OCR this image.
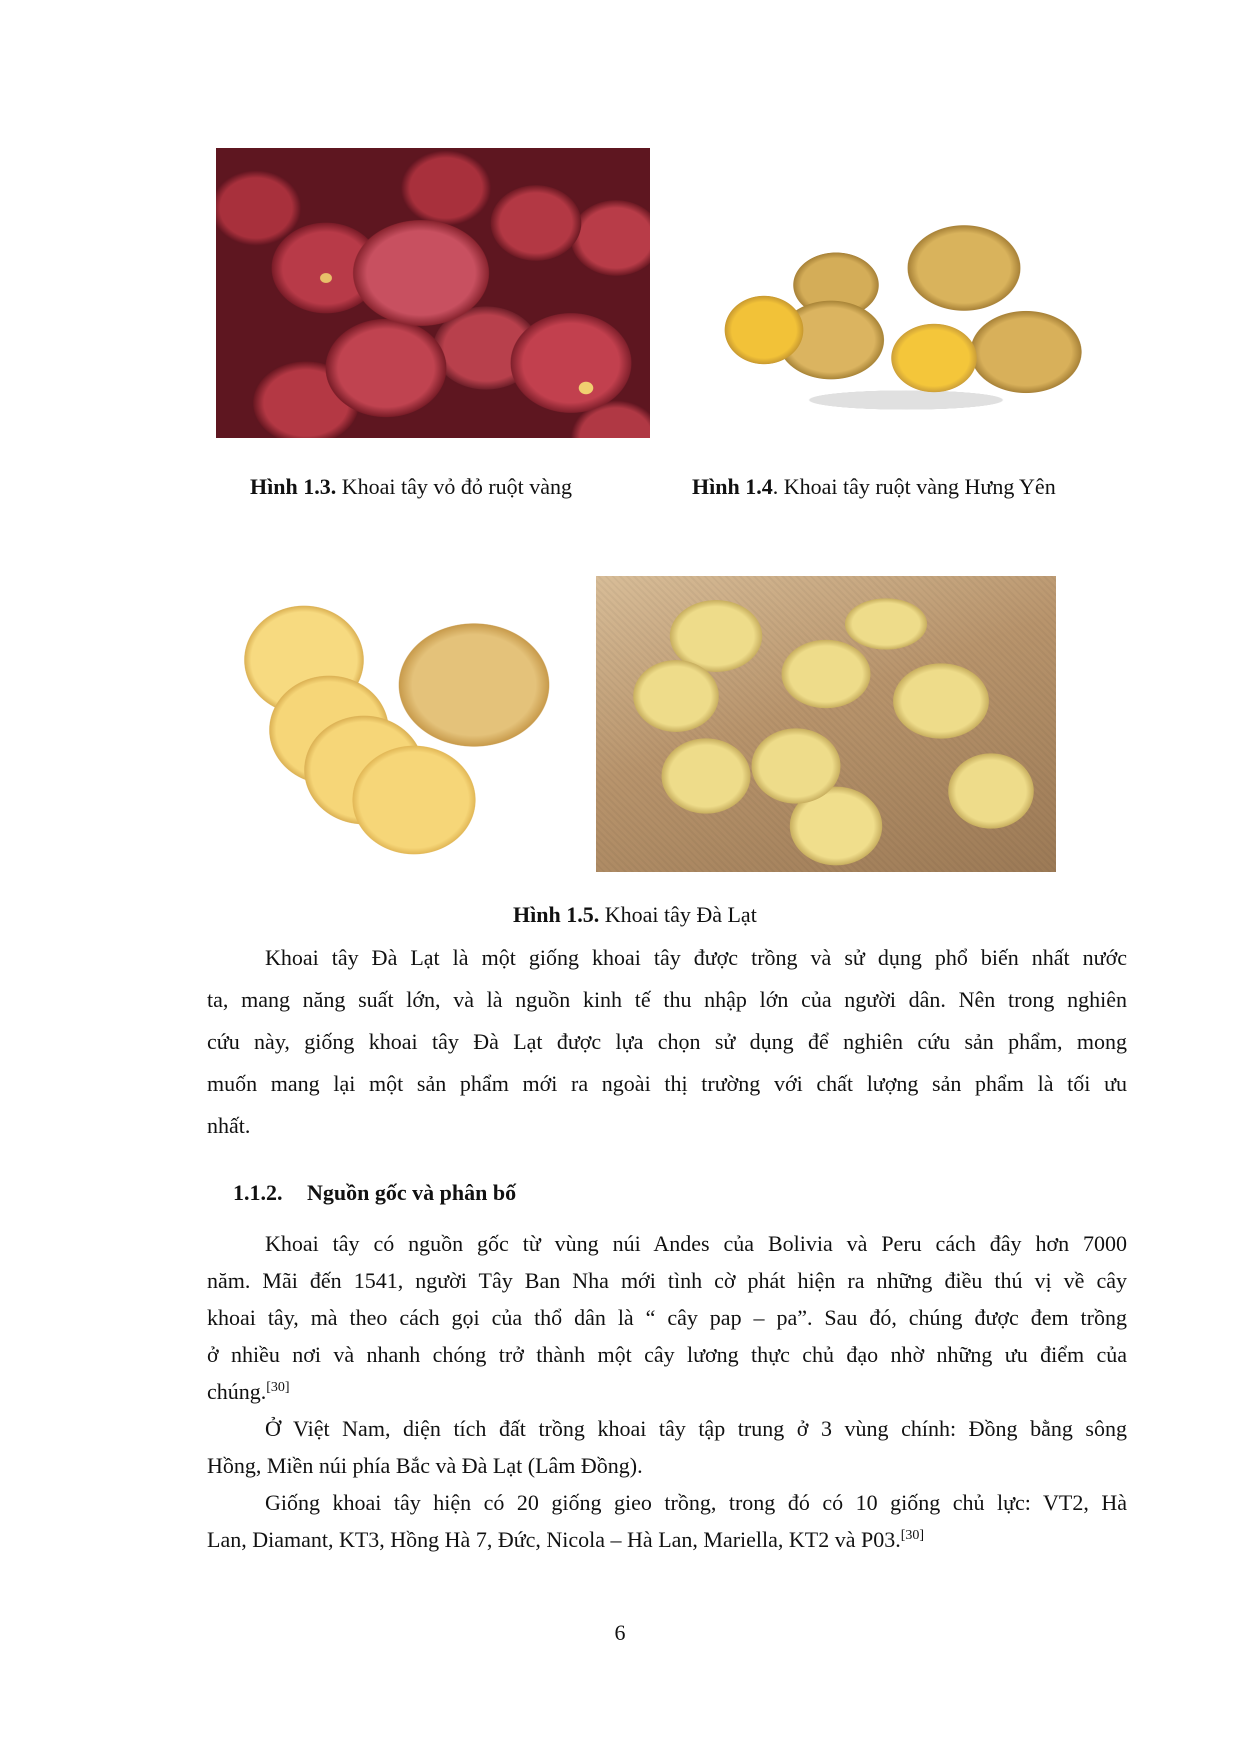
Hình 1.3. Khoai tây vỏ đỏ ruột vàng	Hình 1.4. Khoai tây ruột vàng Hưng Yên
Hình 1.5. Khoai tây Đà Lạt
Khoai tây Đà Lạt là một giống khoai tây được trồng và sử dụng phổ biến nhất nước
ta, mang năng suất lớn, và là nguồn kinh tế thu nhập lớn của người dân. Nên trong nghiên
cứu này, giống khoai tây Đà Lạt được lựa chọn sử dụng để nghiên cứu sản phẩm, mong
muốn mang lại một sản phẩm mới ra ngoài thị trường với chất lượng sản phẩm là tối ưu
nhất.
1.1.2. Nguồn gốc và phân bố
Khoai tây có nguồn gốc từ vùng núi Andes của Bolivia và Peru cách đây hơn 7000
năm. Mãi đến 1541, người Tây Ban Nha mới tình cờ phát hiện ra những điều thú vị về cây
khoai tây, mà theo cách gọi của thổ dân là “ cây pap – pa”. Sau đó, chúng được đem trồng
ở nhiều nơi và nhanh chóng trở thành một cây lương thực chủ đạo nhờ những ưu điểm của
chúng.[30]
Ở Việt Nam, diện tích đất trồng khoai tây tập trung ở 3 vùng chính: Đồng bằng sông
Hồng, Miền núi phía Bắc và Đà Lạt (Lâm Đồng).
Giống khoai tây hiện có 20 giống gieo trồng, trong đó có 10 giống chủ lực: VT2, Hà
Lan, Diamant, KT3, Hồng Hà 7, Đức, Nicola – Hà Lan, Mariella, KT2 và P03.[30]
6
